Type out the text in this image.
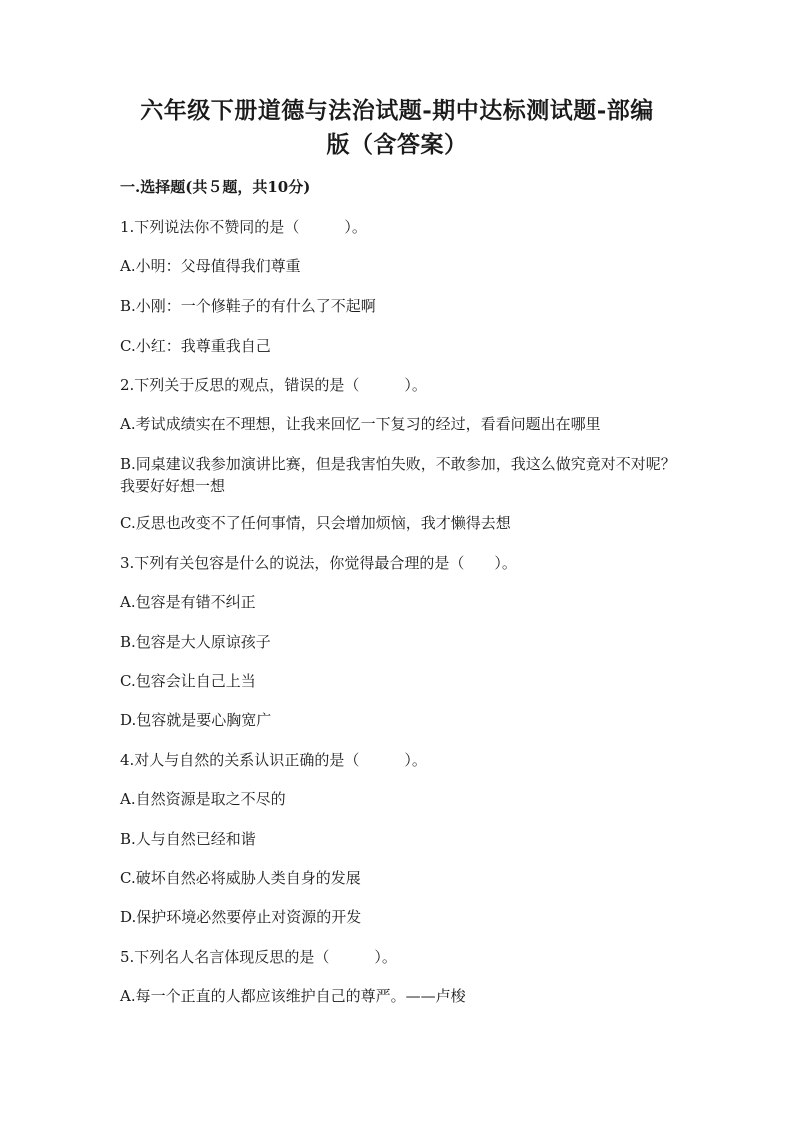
六年级下册道德与法治试题-期中达标测试题-部编
版（含答案）
一.选择题(共５题，共10分)
1.下列说法你不赞同的是（　　　）。
A.小明：父母值得我们尊重
B.小刚：一个修鞋子的有什么了不起啊
C.小红：我尊重我自己
2.下列关于反思的观点，错误的是（　　　）。
A.考试成绩实在不理想，让我来回忆一下复习的经过，看看问题出在哪里
B.同桌建议我参加演讲比赛，但是我害怕失败，不敢参加，我这么做究竟对不对呢？我要好好想一想
C.反思也改变不了任何事情，只会增加烦恼，我才懒得去想
3.下列有关包容是什么的说法，你觉得最合理的是（　　）。
A.包容是有错不纠正
B.包容是大人原谅孩子
C.包容会让自己上当
D.包容就是要心胸宽广
4.对人与自然的关系认识正确的是（　　　）。
A.自然资源是取之不尽的
B.人与自然已经和谐
C.破坏自然必将威胁人类自身的发展
D.保护环境必然要停止对资源的开发
5.下列名人名言体现反思的是（　　　）。
A.每一个正直的人都应该维护自己的尊严。——卢梭
